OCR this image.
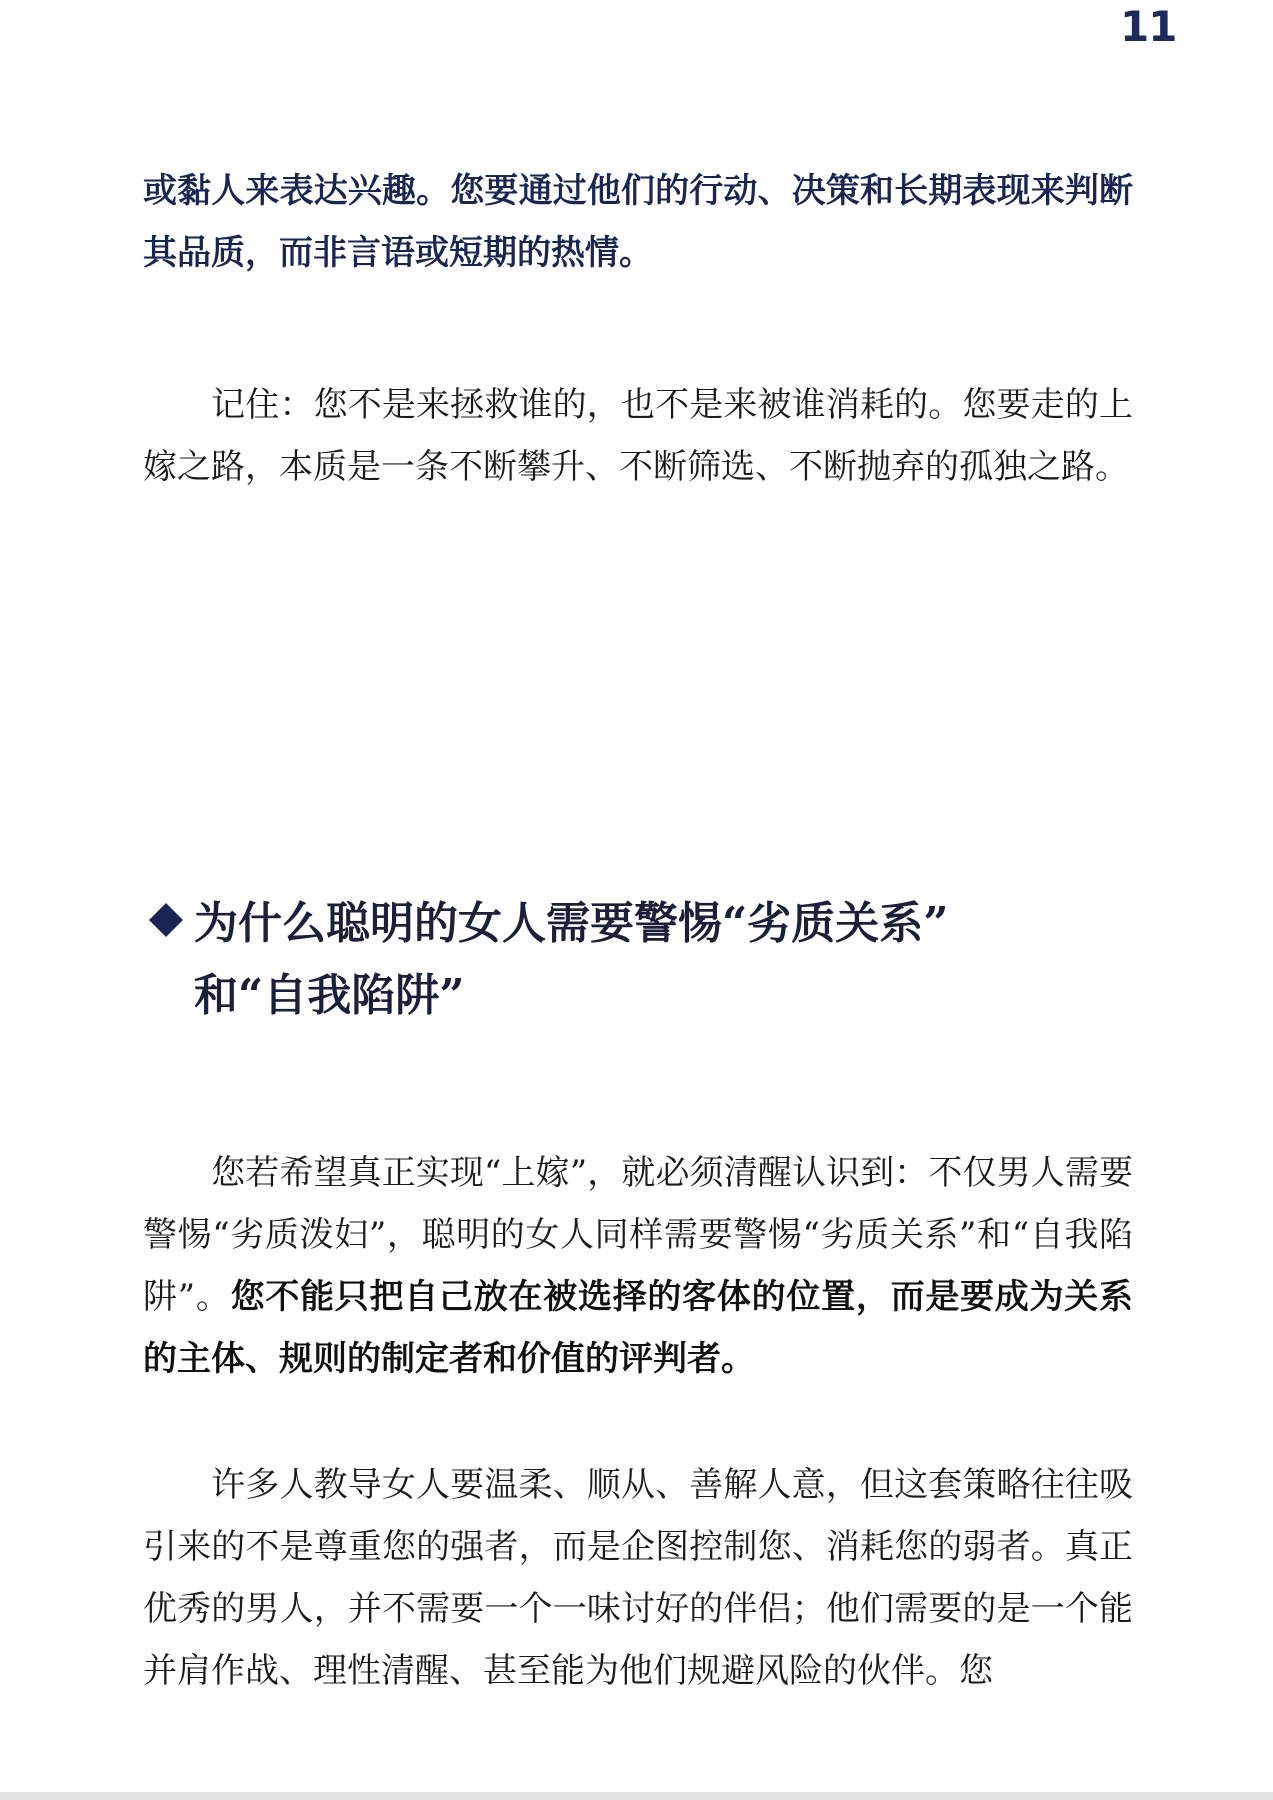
11

或黏人来表达兴趣。您要通过他们的行动、决策和长期表现来判断其品质，而非言语或短期的热情。

记住：您不是来拯救谁的，也不是来被谁消耗的。您要走的上嫁之路，本质是一条不断攀升、不断筛选、不断抛弃的孤独之路。

为什么聪明的女人需要警惕“劣质关系”
和“自我陷阱”

您若希望真正实现“上嫁”，就必须清醒认识到：不仅男人需要警惕“劣质泼妇”，聪明的女人同样需要警惕“劣质关系”和“自我陷阱”。您不能只把自己放在被选择的客体的位置，而是要成为关系的主体、规则的制定者和价值的评判者。

许多人教导女人要温柔、顺从、善解人意，但这套策略往往吸引来的不是尊重您的强者，而是企图控制您、消耗您的弱者。真正优秀的男人，并不需要一个一味讨好的伴侣；他们需要的是一个能并肩作战、理性清醒、甚至能为他们规避风险的伙伴。您
